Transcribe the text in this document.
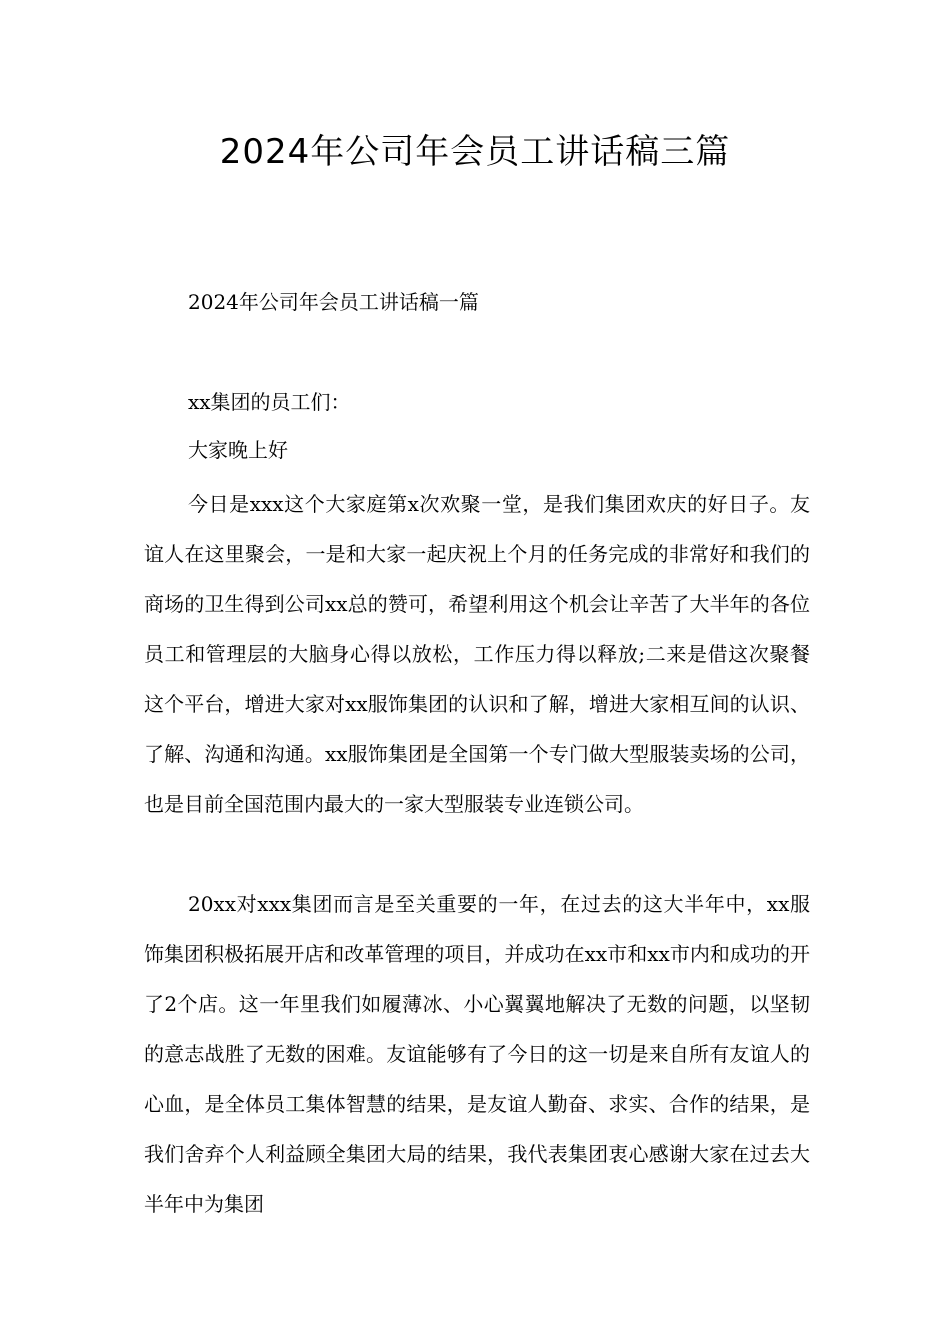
2024年公司年会员工讲话稿三篇
2024年公司年会员工讲话稿一篇

xx集团的员工们：

大家晚上好

今日是xxx这个大家庭第x次欢聚一堂，是我们集团欢庆的好日子。友谊人在这里聚会，一是和大家一起庆祝上个月的任务完成的非常好和我们的商场的卫生得到公司xx总的赞可，希望利用这个机会让辛苦了大半年的各位员工和管理层的大脑身心得以放松，工作压力得以释放;二来是借这次聚餐这个平台，增进大家对xx服饰集团的认识和了解，增进大家相互间的认识、了解、沟通和沟通。xx服饰集团是全国第一个专门做大型服装卖场的公司，也是目前全国范围内最大的一家大型服装专业连锁公司。

20xx对xxx集团而言是至关重要的一年，在过去的这大半年中，xx服饰集团积极拓展开店和改革管理的项目，并成功在xx市和xx市内和成功的开了2个店。这一年里我们如履薄冰、小心翼翼地解决了无数的问题，以坚韧的意志战胜了无数的困难。友谊能够有了今日的这一切是来自所有友谊人的心血，是全体员工集体智慧的结果，是友谊人勤奋、求实、合作的结果，是我们舍弃个人利益顾全集团大局的结果，我代表集团衷心感谢大家在过去大半年中为集团
